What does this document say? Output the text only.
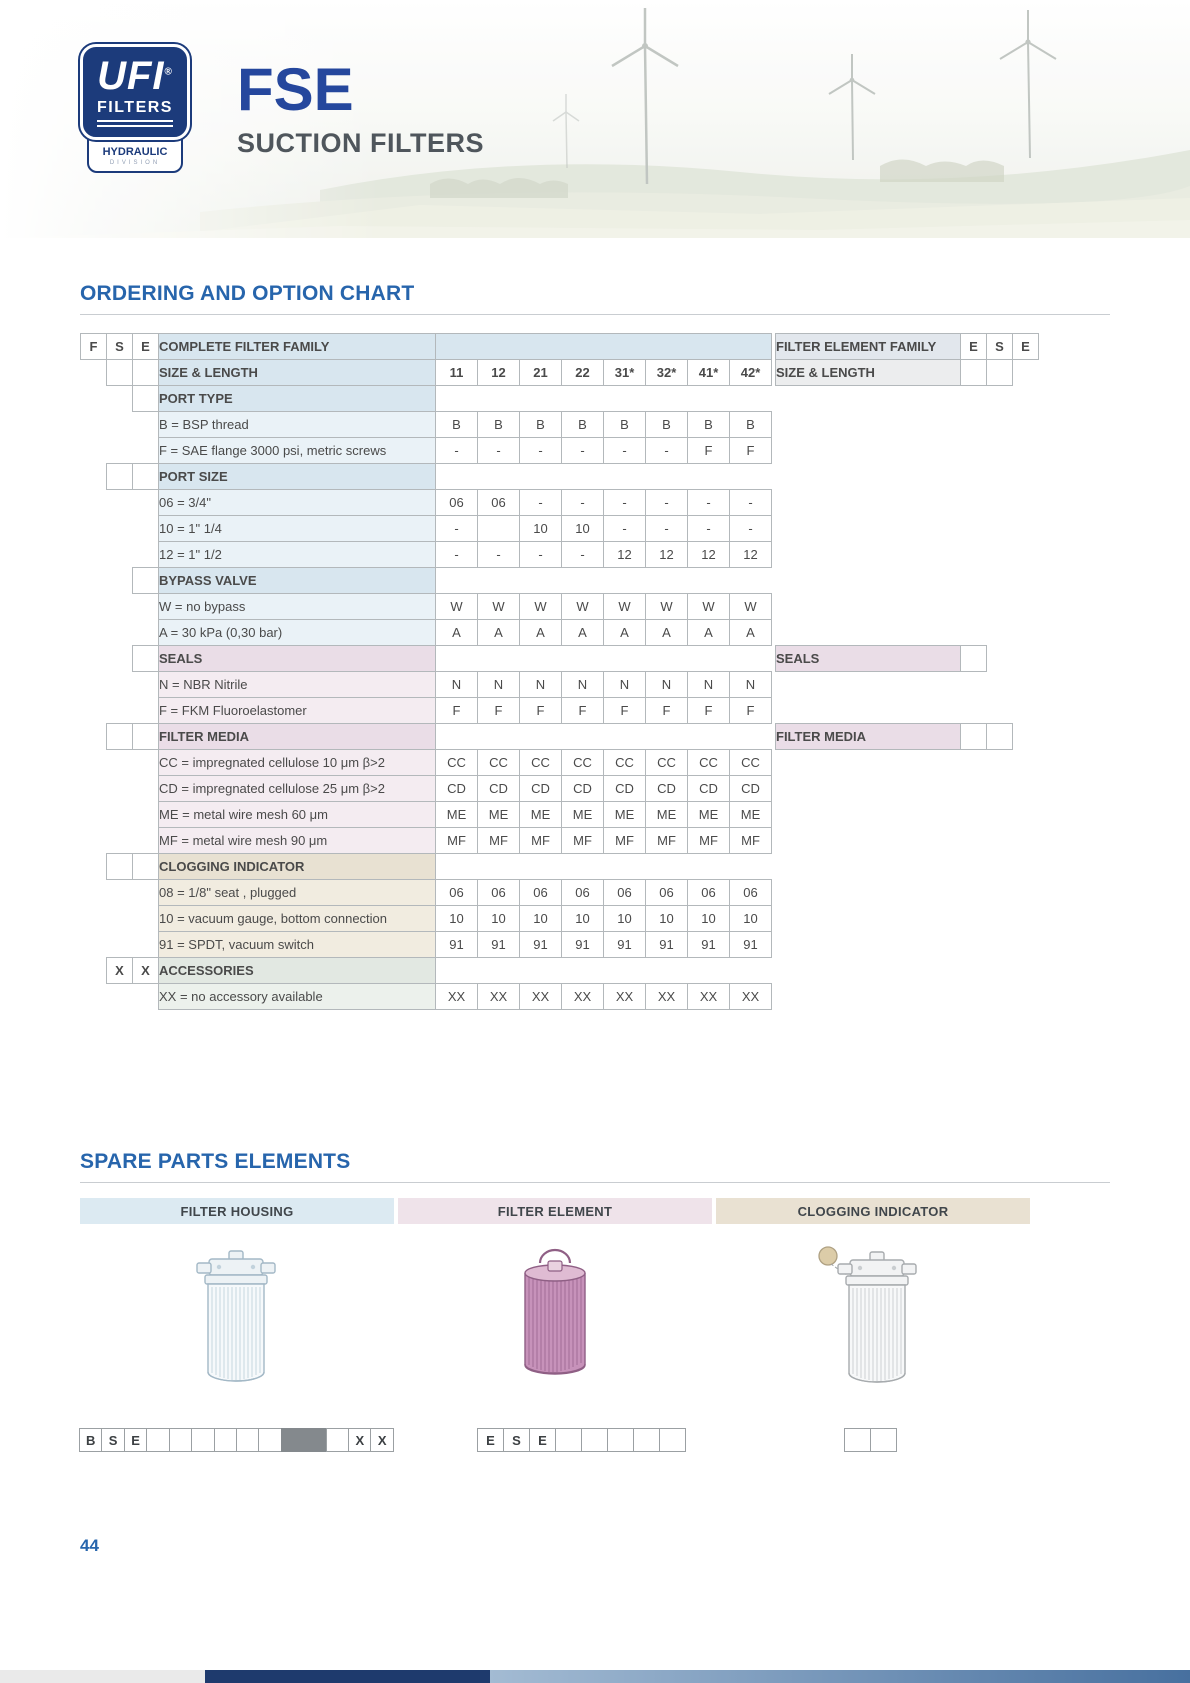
UFI®
FILTERS
HYDRAULIC
DIVISION
FSE
SUCTION FILTERS
ORDERING AND OPTION CHART
F	S	E	COMPLETE FILTER FAMILY										FILTER ELEMENT FAMILY	E	S	E
			SIZE & LENGTH	11	12	21	22	31*	32*	41*	42*		SIZE & LENGTH			
			PORT TYPE													
			B = BSP thread	B	B	B	B	B	B	B	B					
			F = SAE flange 3000 psi, metric screws	-	-	-	-	-	-	F	F					
			PORT SIZE													
			06 = 3/4"	06	06	-	-	-	-	-	-					
			10 = 1" 1/4	-		10	10	-	-	-	-					
			12 = 1" 1/2	-	-	-	-	12	12	12	12					
			BYPASS VALVE													
			W = no bypass	W	W	W	W	W	W	W	W					
			A = 30 kPa (0,30 bar)	A	A	A	A	A	A	A	A					
			SEALS										SEALS			
			N = NBR Nitrile	N	N	N	N	N	N	N	N					
			F = FKM Fluoroelastomer	F	F	F	F	F	F	F	F					
			FILTER MEDIA										FILTER MEDIA			
			CC = impregnated cellulose 10 μm β>2	CC	CC	CC	CC	CC	CC	CC	CC					
			CD = impregnated cellulose 25 μm β>2	CD	CD	CD	CD	CD	CD	CD	CD					
			ME = metal wire mesh 60 μm	ME	ME	ME	ME	ME	ME	ME	ME					
			MF = metal wire mesh 90 μm	MF	MF	MF	MF	MF	MF	MF	MF					
			CLOGGING INDICATOR													
			08 = 1/8" seat , plugged	06	06	06	06	06	06	06	06					
			10 = vacuum gauge, bottom connection	10	10	10	10	10	10	10	10					
			91 = SPDT, vacuum switch	91	91	91	91	91	91	91	91					
	X	X	ACCESSORIES													
			XX = no accessory available	XX	XX	XX	XX	XX	XX	XX	XX					
SPARE PARTS ELEMENTS
FILTER HOUSING
B	S	E	X	X
FILTER ELEMENT
E	S	E
CLOGGING INDICATOR
44
